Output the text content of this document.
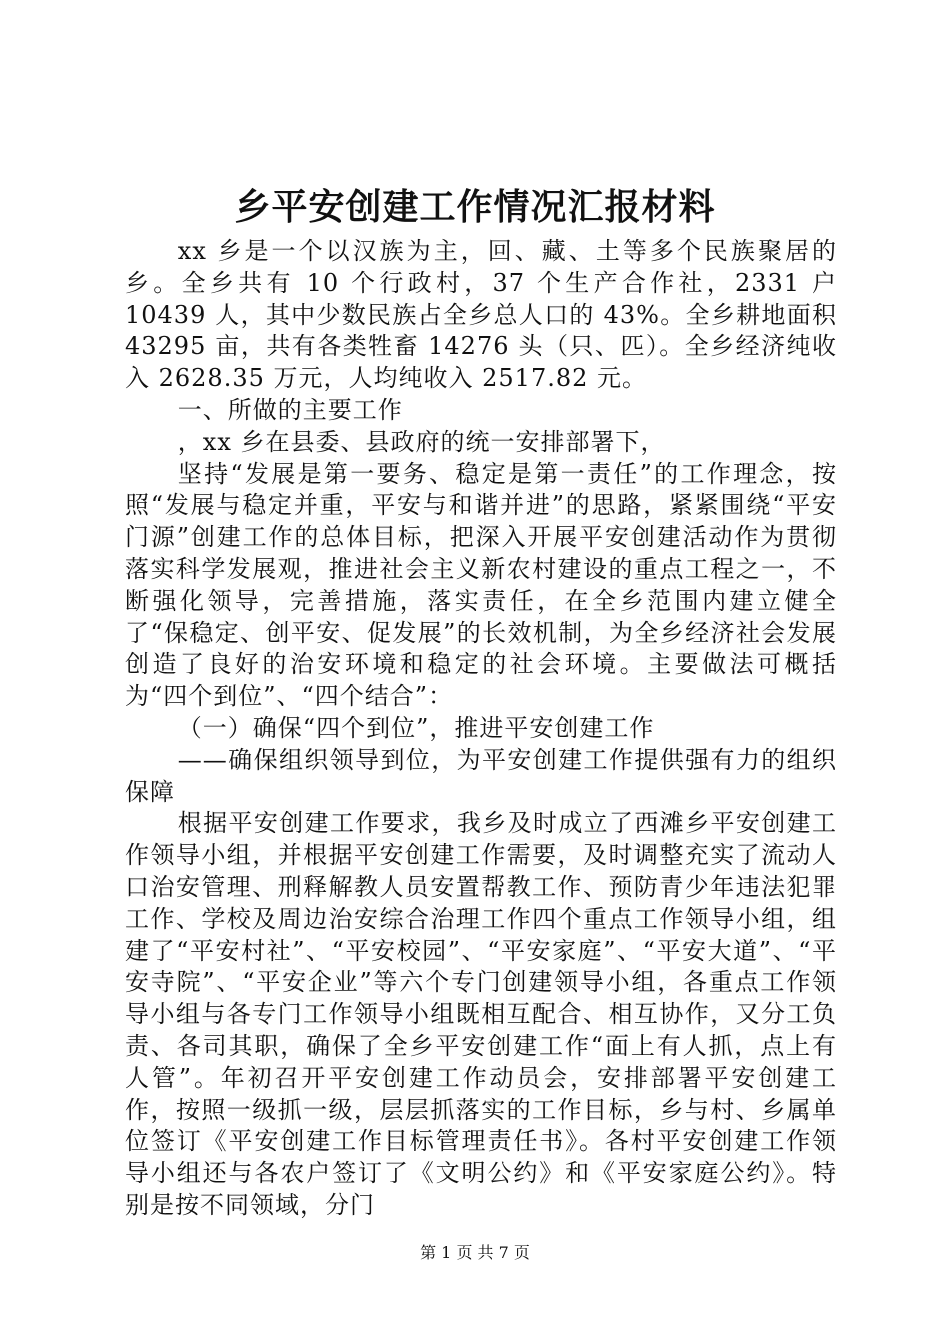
乡平安创建工作情况汇报材料

xx 乡是一个以汉族为主，回、藏、土等多个民族聚居的乡。全乡共有 10 个行政村，37 个生产合作社，2331 户 10439 人，其中少数民族占全乡总人口的 43%。全乡耕地面积 43295 亩，共有各类牲畜 14276 头（只、匹）。全乡经济纯收入 2628.35 万元，人均纯收入 2517.82 元。

一、所做的主要工作

，xx 乡在县委、县政府的统一安排部署下，

坚持“发展是第一要务、稳定是第一责任”的工作理念，按照“发展与稳定并重，平安与和谐并进”的思路，紧紧围绕“平安门源”创建工作的总体目标，把深入开展平安创建活动作为贯彻落实科学发展观，推进社会主义新农村建设的重点工程之一，不断强化领导，完善措施，落实责任，在全乡范围内建立健全了“保稳定、创平安、促发展”的长效机制，为全乡经济社会发展创造了良好的治安环境和稳定的社会环境。主要做法可概括为“四个到位”、“四个结合”：

（一）确保“四个到位”，推进平安创建工作

——确保组织领导到位，为平安创建工作提供强有力的组织保障

根据平安创建工作要求，我乡及时成立了西滩乡平安创建工作领导小组，并根据平安创建工作需要，及时调整充实了流动人口治安管理、刑释解教人员安置帮教工作、预防青少年违法犯罪工作、学校及周边治安综合治理工作四个重点工作领导小组，组建了“平安村社”、“平安校园”、“平安家庭”、“平安大道”、“平安寺院”、“平安企业”等六个专门创建领导小组，各重点工作领导小组与各专门工作领导小组既相互配合、相互协作，又分工负责、各司其职，确保了全乡平安创建工作“面上有人抓，点上有人管”。年初召开平安创建工作动员会，安排部署平安创建工作，按照一级抓一级，层层抓落实的工作目标，乡与村、乡属单位签订《平安创建工作目标管理责任书》。各村平安创建工作领导小组还与各农户签订了《文明公约》和《平安家庭公约》。特别是按不同领域，分门

第 1 页 共 7 页
